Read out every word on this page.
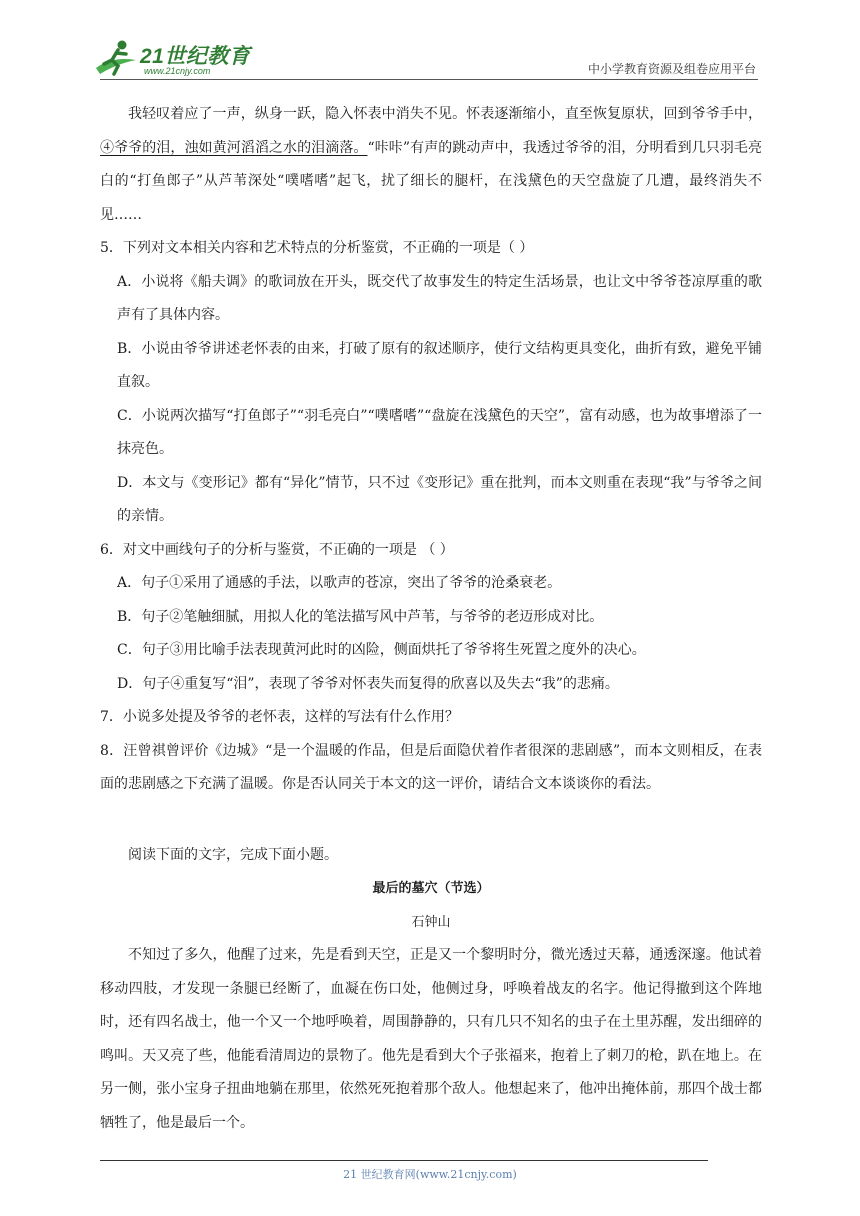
21世纪教育
www.21cnjy.com	中小学教育资源及组卷应用平台

我轻叹着应了一声，纵身一跃，隐入怀表中消失不见。怀表逐渐缩小，直至恢复原状，回到爷爷手中，④爷爷的泪，浊如黄河滔滔之水的泪滴落。“咔咔”有声的跳动声中，我透过爷爷的泪，分明看到几只羽毛亮白的“打鱼郎子”从芦苇深处“噗嗜嗜”起飞，扰了细长的腿杆，在浅黛色的天空盘旋了几遭，最终消失不见……

5．下列对文本相关内容和艺术特点的分析鉴赏，不正确的一项是（ ）

A．小说将《船夫调》的歌词放在开头，既交代了故事发生的特定生活场景，也让文中爷爷苍凉厚重的歌声有了具体内容。

B．小说由爷爷讲述老怀表的由来，打破了原有的叙述顺序，使行文结构更具变化，曲折有致，避免平铺直叙。

C．小说两次描写“打鱼郎子”“羽毛亮白”“噗嗜嗜”“盘旋在浅黛色的天空”，富有动感，也为故事增添了一抹亮色。

D．本文与《变形记》都有“异化”情节，只不过《变形记》重在批判，而本文则重在表现“我”与爷爷之间的亲情。

6．对文中画线句子的分析与鉴赏，不正确的一项是 （ ）

A．句子①采用了通感的手法，以歌声的苍凉，突出了爷爷的沧桑衰老。

B．句子②笔触细腻，用拟人化的笔法描写风中芦苇，与爷爷的老迈形成对比。

C．句子③用比喻手法表现黄河此时的凶险，侧面烘托了爷爷将生死置之度外的决心。

D．句子④重复写“泪”，表现了爷爷对怀表失而复得的欣喜以及失去“我”的悲痛。

7．小说多处提及爷爷的老怀表，这样的写法有什么作用？

8．汪曾祺曾评价《边城》“是一个温暖的作品，但是后面隐伏着作者很深的悲剧感”，而本文则相反，在表面的悲剧感之下充满了温暖。你是否认同关于本文的这一评价，请结合文本谈谈你的看法。

阅读下面的文字，完成下面小题。

最后的墓穴（节选）

石钟山

不知过了多久，他醒了过来，先是看到天空，正是又一个黎明时分，微光透过天幕，通透深邃。他试着移动四肢，才发现一条腿已经断了，血凝在伤口处，他侧过身，呼唤着战友的名字。他记得撤到这个阵地时，还有四名战士，他一个又一个地呼唤着，周围静静的，只有几只不知名的虫子在土里苏醒，发出细碎的鸣叫。天又亮了些，他能看清周边的景物了。他先是看到大个子张福来，抱着上了刺刀的枪，趴在地上。在另一侧，张小宝身子扭曲地躺在那里，依然死死抱着那个敌人。他想起来了，他冲出掩体前，那四个战士都牺牲了，他是最后一个。

21 世纪教育网(www.21cnjy.com)
